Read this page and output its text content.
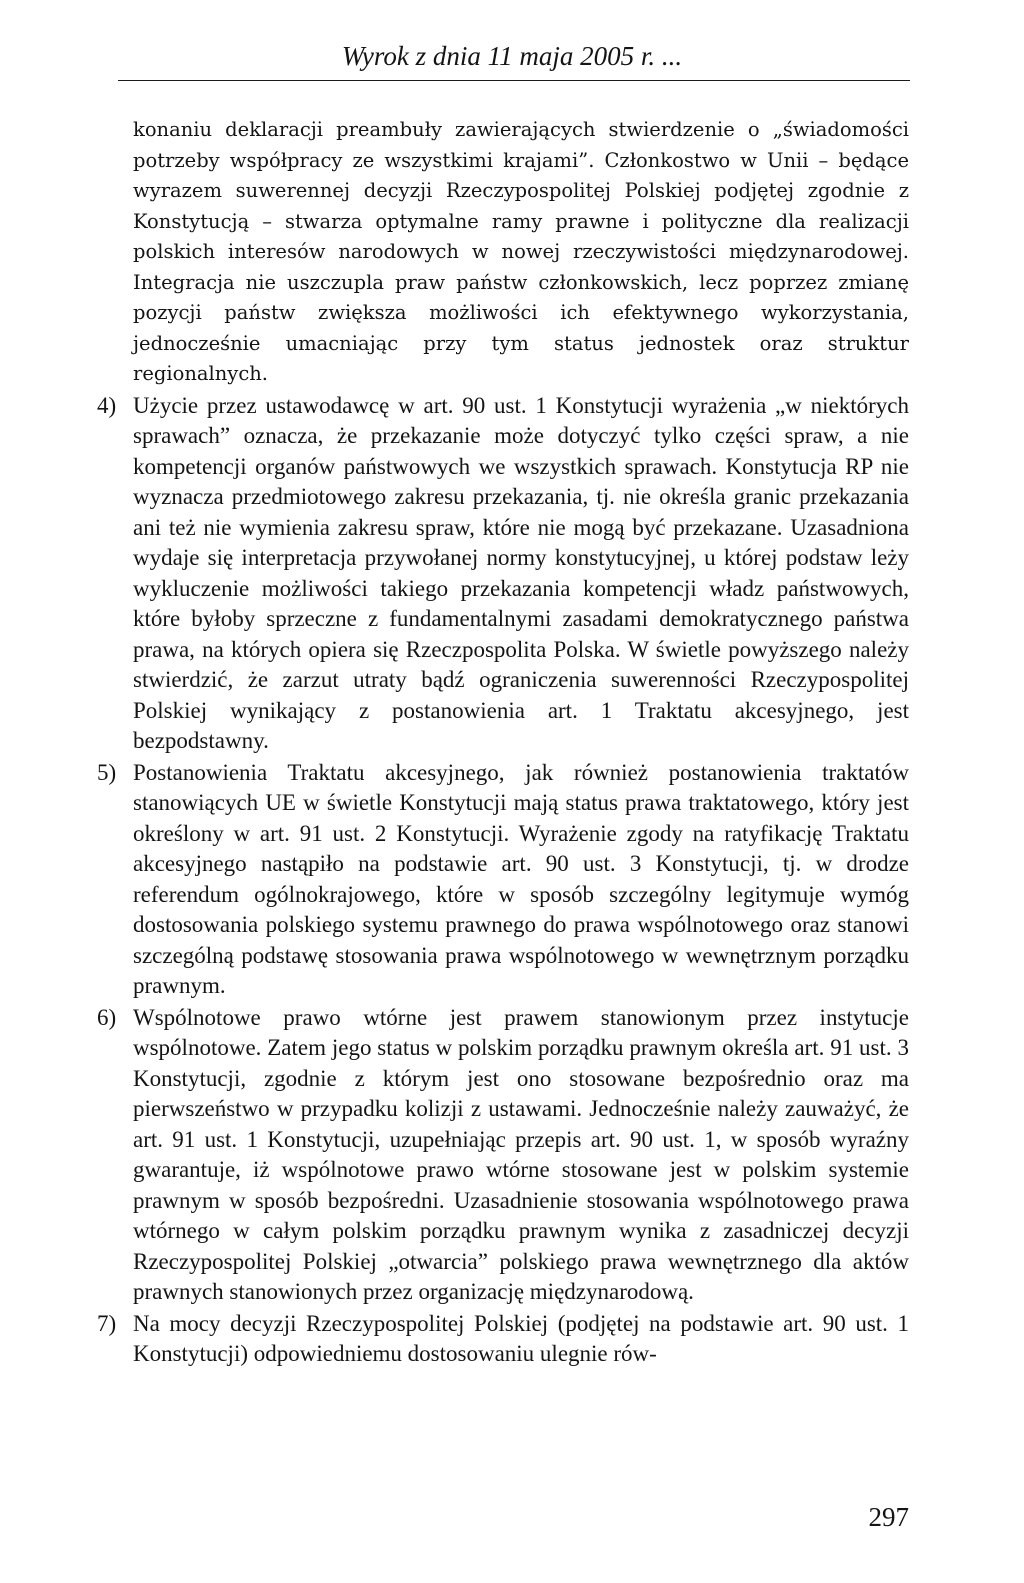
Wyrok z dnia 11 maja 2005 r. ...

konaniu deklaracji preambuły zawierających stwierdzenie o „świadomości potrzeby współpracy ze wszystkimi krajami”. Członkostwo w Unii – będące wyrazem suwerennej decyzji Rzeczypospolitej Polskiej podjętej zgodnie z Konstytucją – stwarza optymalne ramy prawne i polityczne dla realizacji polskich interesów narodowych w nowej rzeczywistości międzynarodowej. Integracja nie uszczupla praw państw członkowskich, lecz poprzez zmianę pozycji państw zwiększa możliwości ich efektywnego wykorzystania, jednocześnie umacniając przy tym status jednostek oraz struktur regionalnych.

4) Użycie przez ustawodawcę w art. 90 ust. 1 Konstytucji wyrażenia „w niektórych sprawach” oznacza, że przekazanie może dotyczyć tylko części spraw, a nie kompetencji organów państwowych we wszystkich sprawach. Konstytucja RP nie wyznacza przedmiotowego zakresu przekazania, tj. nie określa granic przekazania ani też nie wymienia zakresu spraw, które nie mogą być przekazane. Uzasadniona wydaje się interpretacja przywołanej normy konstytucyjnej, u której podstaw leży wykluczenie możliwości takiego przekazania kompetencji władz państwowych, które byłoby sprzeczne z fundamentalnymi zasadami demokratycznego państwa prawa, na których opiera się Rzeczpospolita Polska. W świetle powyższego należy stwierdzić, że zarzut utraty bądź ograniczenia suwerenności Rzeczypospolitej Polskiej wynikający z postanowienia art. 1 Traktatu akcesyjnego, jest bezpodstawny.

5) Postanowienia Traktatu akcesyjnego, jak również postanowienia traktatów stanowiących UE w świetle Konstytucji mają status prawa traktatowego, który jest określony w art. 91 ust. 2 Konstytucji. Wyrażenie zgody na ratyfikację Traktatu akcesyjnego nastąpiło na podstawie art. 90 ust. 3 Konstytucji, tj. w drodze referendum ogólnokrajowego, które w sposób szczególny legitymuje wymóg dostosowania polskiego systemu prawnego do prawa wspólnotowego oraz stanowi szczególną podstawę stosowania prawa wspólnotowego w wewnętrznym porządku prawnym.

6) Wspólnotowe prawo wtórne jest prawem stanowionym przez instytucje wspólnotowe. Zatem jego status w polskim porządku prawnym określa art. 91 ust. 3 Konstytucji, zgodnie z którym jest ono stosowane bezpośrednio oraz ma pierwszeństwo w przypadku kolizji z ustawami. Jednocześnie należy zauważyć, że art. 91 ust. 1 Konstytucji, uzupełniając przepis art. 90 ust. 1, w sposób wyraźny gwarantuje, iż wspólnotowe prawo wtórne stosowane jest w polskim systemie prawnym w sposób bezpośredni. Uzasadnienie stosowania wspólnotowego prawa wtórnego w całym polskim porządku prawnym wynika z zasadniczej decyzji Rzeczypospolitej Polskiej „otwarcia” polskiego prawa wewnętrznego dla aktów prawnych stanowionych przez organizację międzynarodową.

7) Na mocy decyzji Rzeczypospolitej Polskiej (podjętej na podstawie art. 90 ust. 1 Konstytucji) odpowiedniemu dostosowaniu ulegnie rów-

297
